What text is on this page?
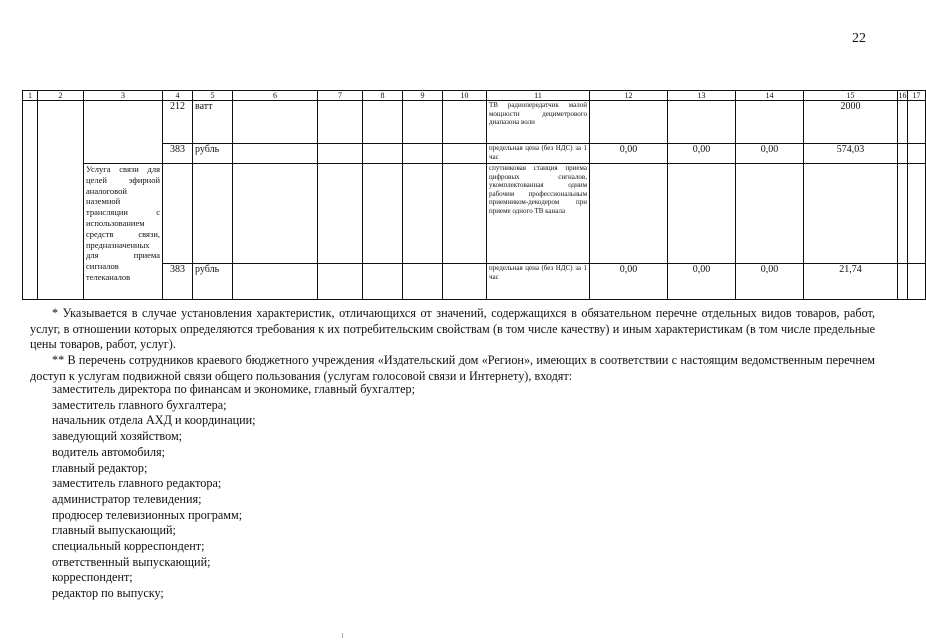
22
1	2	3	4	5	6	7	8	9	10	11	12	13	14	15	16	17
			212	ватт						ТВ радиопередатчик малой мощности дециметрового диапазона волн				2000		
			383	рубль						предельная цена (без НДС) за 1 час	0,00	0,00	0,00	574,03		
		Услуга связи для целей эфирной аналоговой наземной трансляции с использованием средств связи, предназначенных для приема сигналов телеканалов								спутниковая станция приема цифровых сигналов, укомплектованная одним рабочим профессиональным приемником-декодером при приеме одного ТВ канала						
			383	рубль						предельная цена (без НДС) за 1 час	0,00	0,00	0,00	21,74		

* Указывается в случае установления характеристик, отличающихся от значений, содержащихся в обязательном перечне отдельных видов товаров, работ, услуг, в отношении которых определяются требования к их потребительским свойствам (в том числе качеству) и иным характеристикам (в том числе предельные цены товаров, работ, услуг).

** В перечень сотрудников краевого бюджетного учреждения «Издательский дом «Регион», имеющих в соответствии с настоящим ведомственным перечнем доступ к услугам подвижной связи общего пользования (услугам голосовой связи и Интернету), входят:

заместитель директора по финансам и экономике, главный бухгалтер;
заместитель главного бухгалтера;
начальник отдела АХД и координации;
заведующий хозяйством;
водитель автомобиля;
главный редактор;
заместитель главного редактора;
администратор телевидения;
продюсер телевизионных программ;
главный выпускающий;
специальный корреспондент;
ответственный выпускающий;
корреспондент;
редактор по выпуску;
